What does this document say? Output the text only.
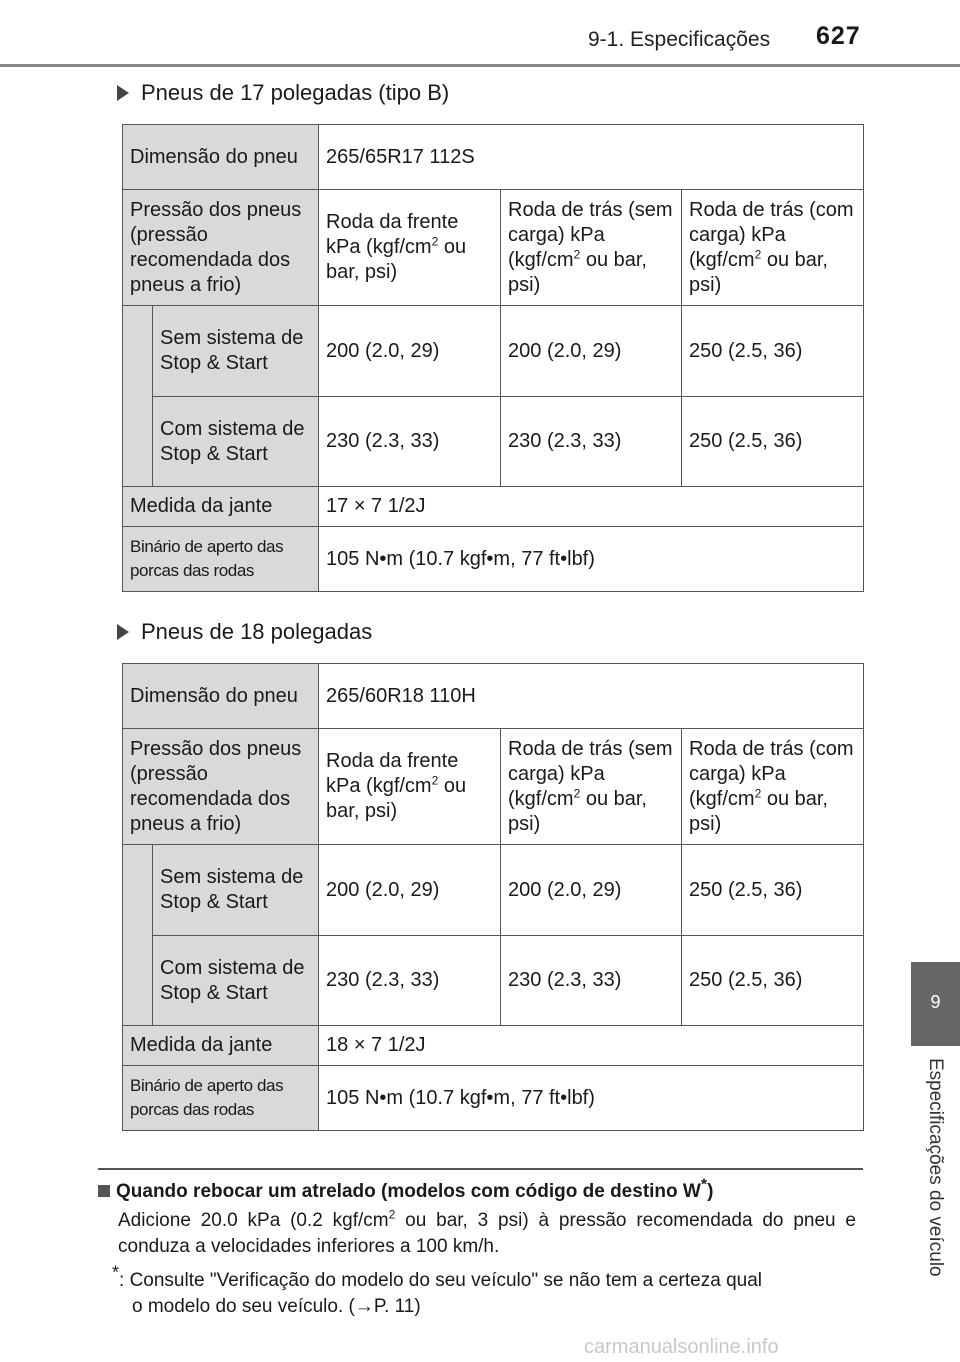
9-1. Especificações 627
9
Especificações do veículo
Pneus de 17 polegadas (tipo B)
Dimensão do pneu		265/65R17 112S		
Pressão dos pneus (pressão recomendada dos pneus a frio)		Roda da frente kPa ($kgf/cm^2$ ou bar, psi)	Roda de trás (sem carga) kPa ($kgf/cm^2$ ou bar, psi)	Roda de trás (com carga) kPa ($kgf/cm^2$ ou bar, psi)
	Sem sistema de Stop & Start	200 (2.0, 29)	200 (2.0, 29)	250 (2.5, 36)
	Com sistema de Stop & Start	230 (2.3, 33)	230 (2.3, 33)	250 (2.5, 36)
Medida da jante		17 × 7 1/2J		
Binário de aperto das porcas das rodas		105 N•m (10.7 kgf•m, 77 ft•lbf)		
Pneus de 18 polegadas
Dimensão do pneu		265/60R18 110H		
Pressão dos pneus (pressão recomendada dos pneus a frio)		Roda da frente kPa ($kgf/cm^2$ ou bar, psi)	Roda de trás (sem carga) kPa ($kgf/cm^2$ ou bar, psi)	Roda de trás (com carga) kPa ($kgf/cm^2$ ou bar, psi)
	Sem sistema de Stop & Start	200 (2.0, 29)	200 (2.0, 29)	250 (2.5, 36)
	Com sistema de Stop & Start	230 (2.3, 33)	230 (2.3, 33)	250 (2.5, 36)
Medida da jante		18 × 7 1/2J		
Binário de aperto das porcas das rodas		105 N•m (10.7 kgf•m, 77 ft•lbf)		
Quando rebocar um atrelado (modelos com código de destino W*)
Adicione 20.0 kPa (0.2 kgf/$cm^2$ ou bar, 3 psi) à pressão recomendada do pneu e conduza a velocidades inferiores a 100 km/h.
*: Consulte "Verificação do modelo do seu veículo" se não tem a certeza qual
o modelo do seu veículo. (→P. 11)
carmanualsonline.info
